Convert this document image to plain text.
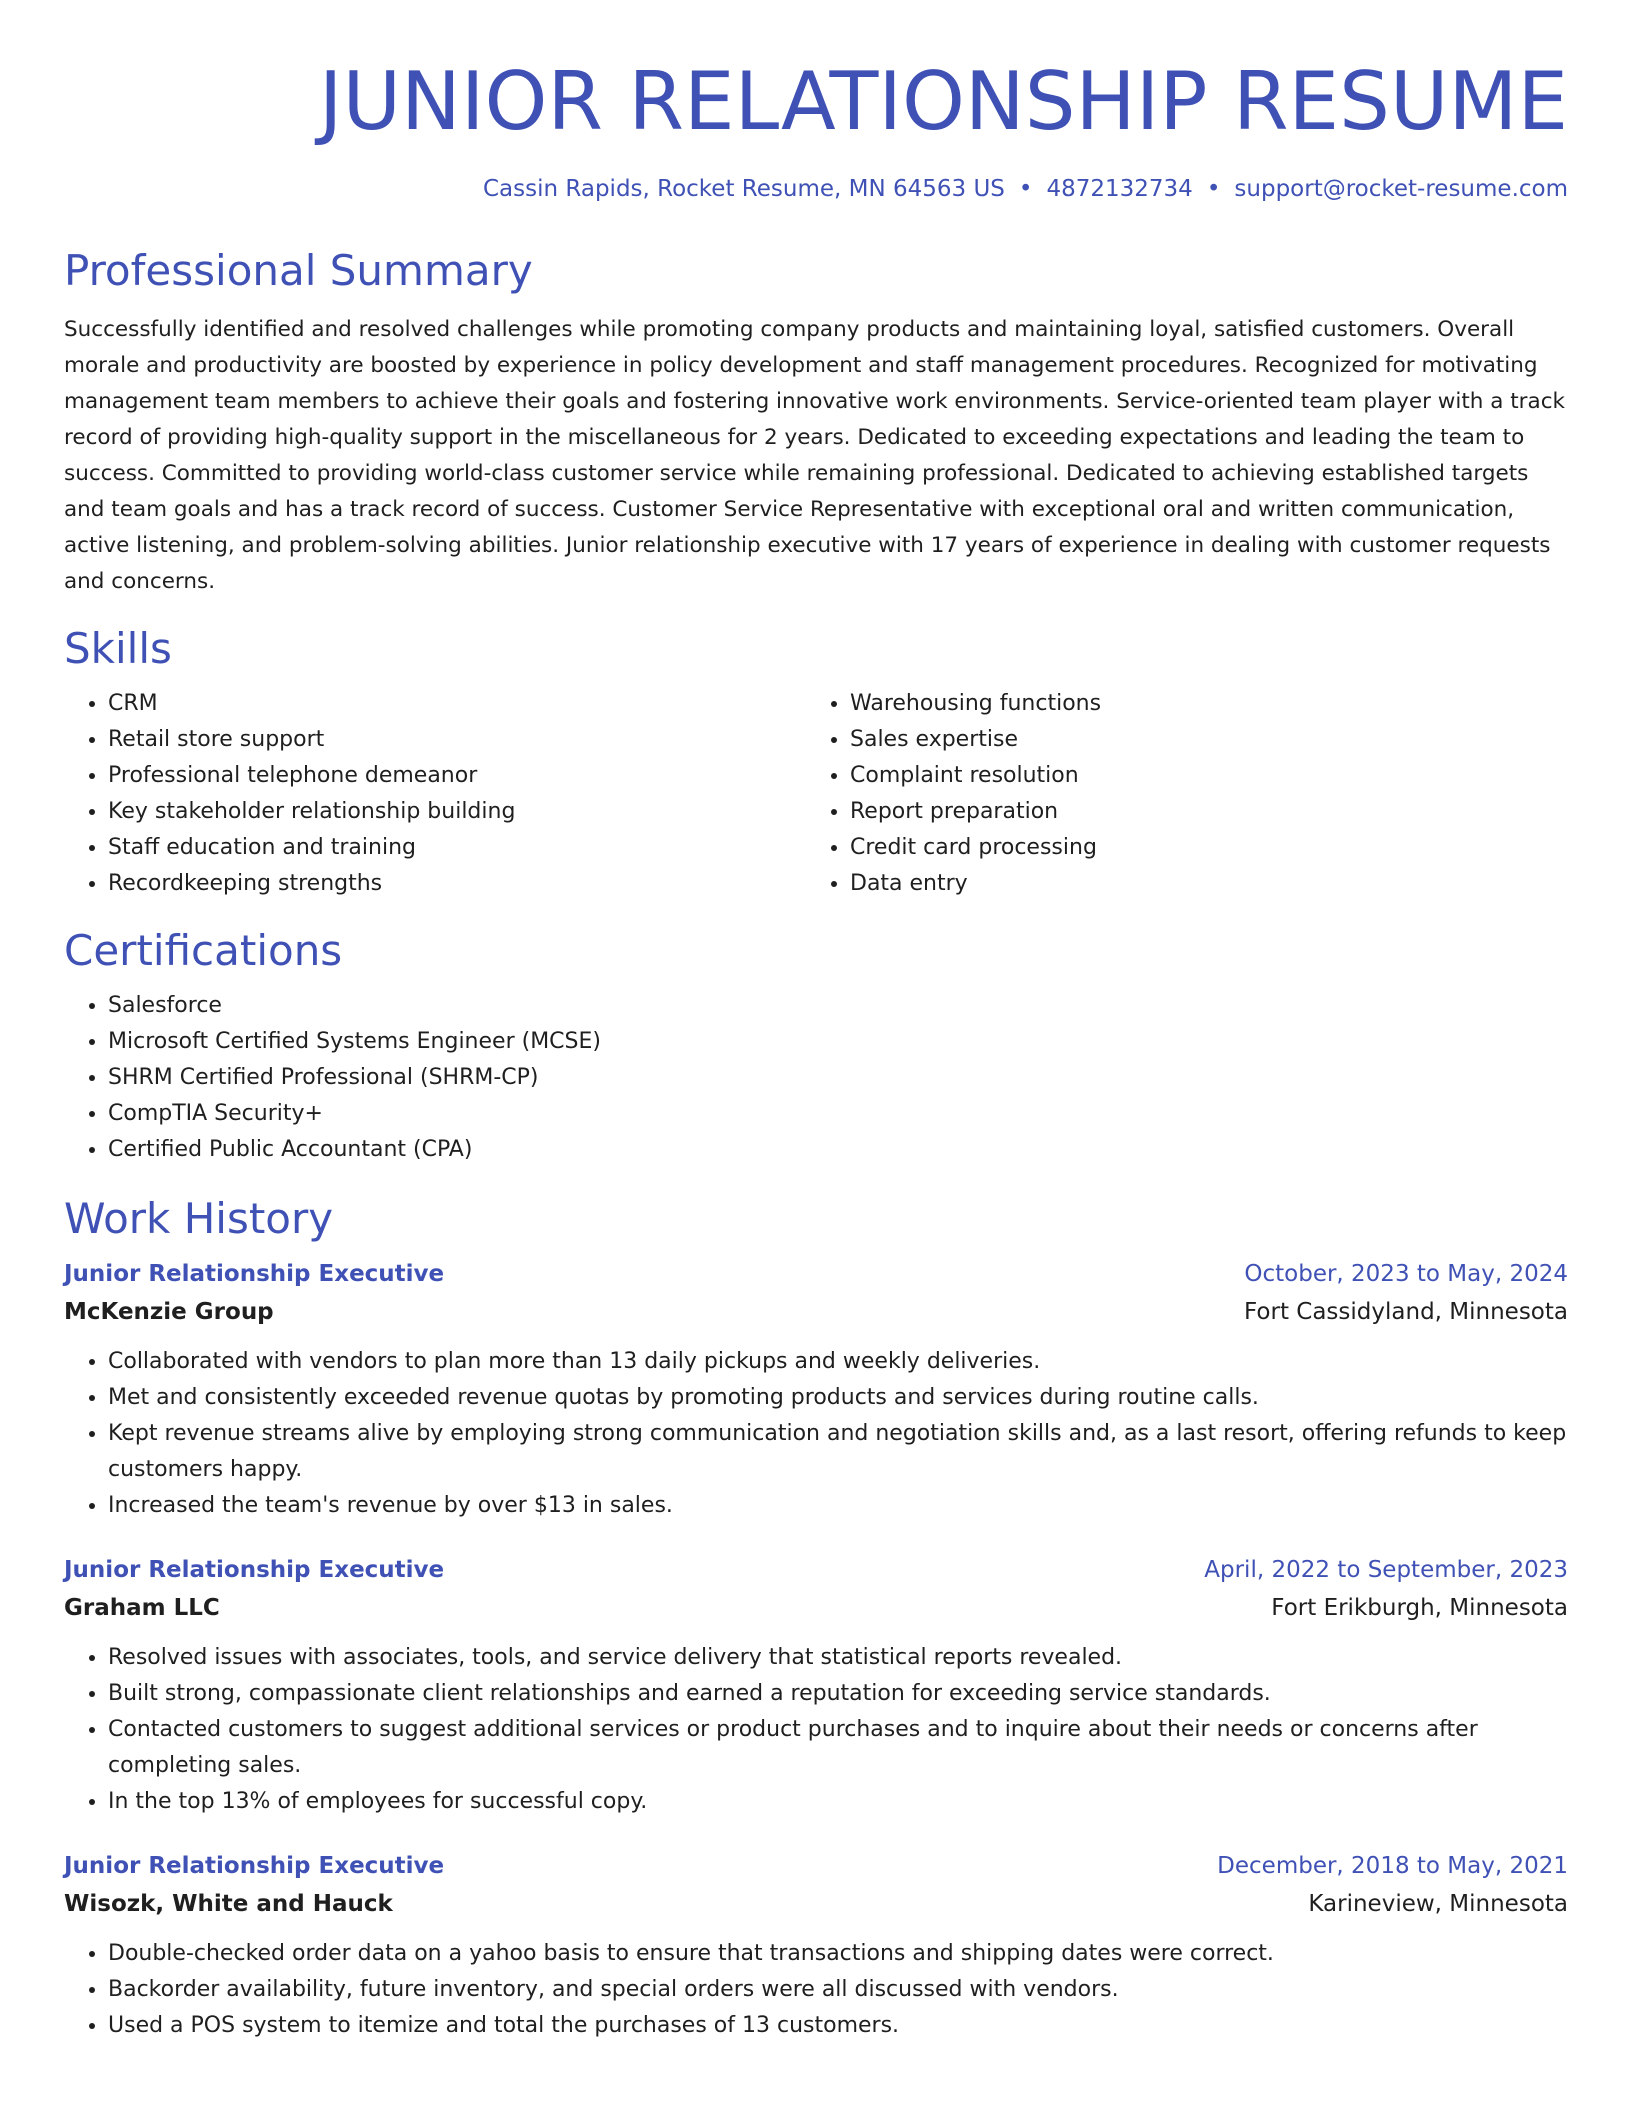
JUNIOR RELATIONSHIP RESUME
Cassin Rapids, Rocket Resume, MN 64563 US • 4872132734 • support@rocket-resume.com
Professional Summary

Successfully identified and resolved challenges while promoting company products and maintaining loyal, satisfied customers. Overall morale and productivity are boosted by experience in policy development and staff management procedures. Recognized for motivating management team members to achieve their goals and fostering innovative work environments. Service-oriented team player with a track record of providing high-quality support in the miscellaneous for 2 years. Dedicated to exceeding expectations and leading the team to success. Committed to providing world-class customer service while remaining professional. Dedicated to achieving established targets and team goals and has a track record of success. Customer Service Representative with exceptional oral and written communication, active listening, and problem-solving abilities. Junior relationship executive with 17 years of experience in dealing with customer requests and concerns.

Skills
• CRM
• Retail store support
• Professional telephone demeanor
• Key stakeholder relationship building
• Staff education and training
• Recordkeeping strengths
• Warehousing functions
• Sales expertise
• Complaint resolution
• Report preparation
• Credit card processing
• Data entry
Certifications
• Salesforce
• Microsoft Certified Systems Engineer (MCSE)
• SHRM Certified Professional (SHRM-CP)
• CompTIA Security+
• Certified Public Accountant (CPA)
Work History
Junior Relationship Executive	October, 2023 to May, 2024
McKenzie Group	Fort Cassidyland, Minnesota
• Collaborated with vendors to plan more than 13 daily pickups and weekly deliveries.
• Met and consistently exceeded revenue quotas by promoting products and services during routine calls.
• Kept revenue streams alive by employing strong communication and negotiation skills and, as a last resort, offering refunds to keep customers happy.
• Increased the team's revenue by over $13 in sales.
Junior Relationship Executive	April, 2022 to September, 2023
Graham LLC	Fort Erikburgh, Minnesota
• Resolved issues with associates, tools, and service delivery that statistical reports revealed.
• Built strong, compassionate client relationships and earned a reputation for exceeding service standards.
• Contacted customers to suggest additional services or product purchases and to inquire about their needs or concerns after completing sales.
• In the top 13% of employees for successful copy.
Junior Relationship Executive	December, 2018 to May, 2021
Wisozk, White and Hauck	Karineview, Minnesota
• Double-checked order data on a yahoo basis to ensure that transactions and shipping dates were correct.
• Backorder availability, future inventory, and special orders were all discussed with vendors.
• Used a POS system to itemize and total the purchases of 13 customers.
